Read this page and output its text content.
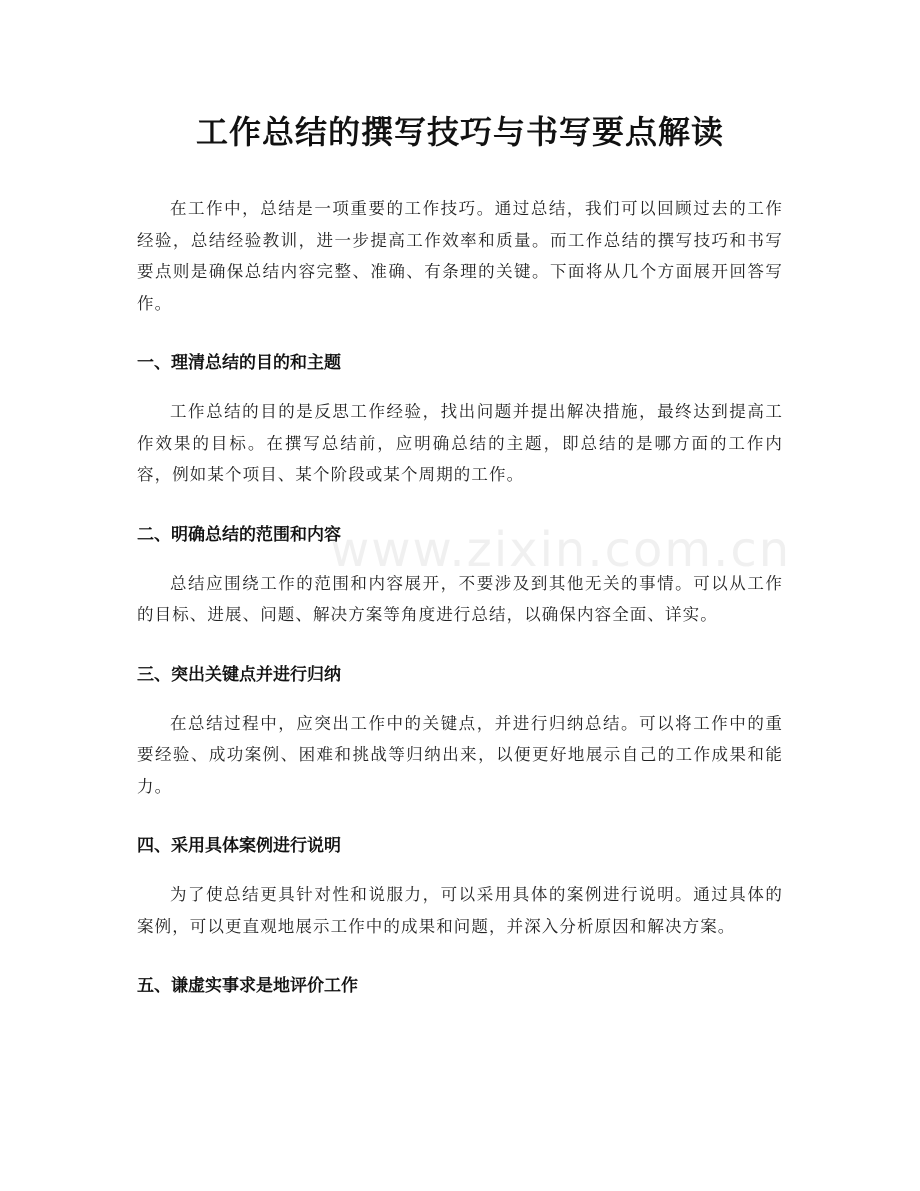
工作总结的撰写技巧与书写要点解读

在工作中，总结是一项重要的工作技巧。通过总结，我们可以回顾过去的工作经验，总结经验教训，进一步提高工作效率和质量。而工作总结的撰写技巧和书写要点则是确保总结内容完整、准确、有条理的关键。下面将从几个方面展开回答写作。

一、理清总结的目的和主题

工作总结的目的是反思工作经验，找出问题并提出解决措施，最终达到提高工作效果的目标。在撰写总结前，应明确总结的主题，即总结的是哪方面的工作内容，例如某个项目、某个阶段或某个周期的工作。

二、明确总结的范围和内容

总结应围绕工作的范围和内容展开，不要涉及到其他无关的事情。可以从工作的目标、进展、问题、解决方案等角度进行总结，以确保内容全面、详实。

三、突出关键点并进行归纳

在总结过程中，应突出工作中的关键点，并进行归纳总结。可以将工作中的重要经验、成功案例、困难和挑战等归纳出来，以便更好地展示自己的工作成果和能力。

四、采用具体案例进行说明

为了使总结更具针对性和说服力，可以采用具体的案例进行说明。通过具体的案例，可以更直观地展示工作中的成果和问题，并深入分析原因和解决方案。

五、谦虚实事求是地评价工作
www.zixin.com.cn
